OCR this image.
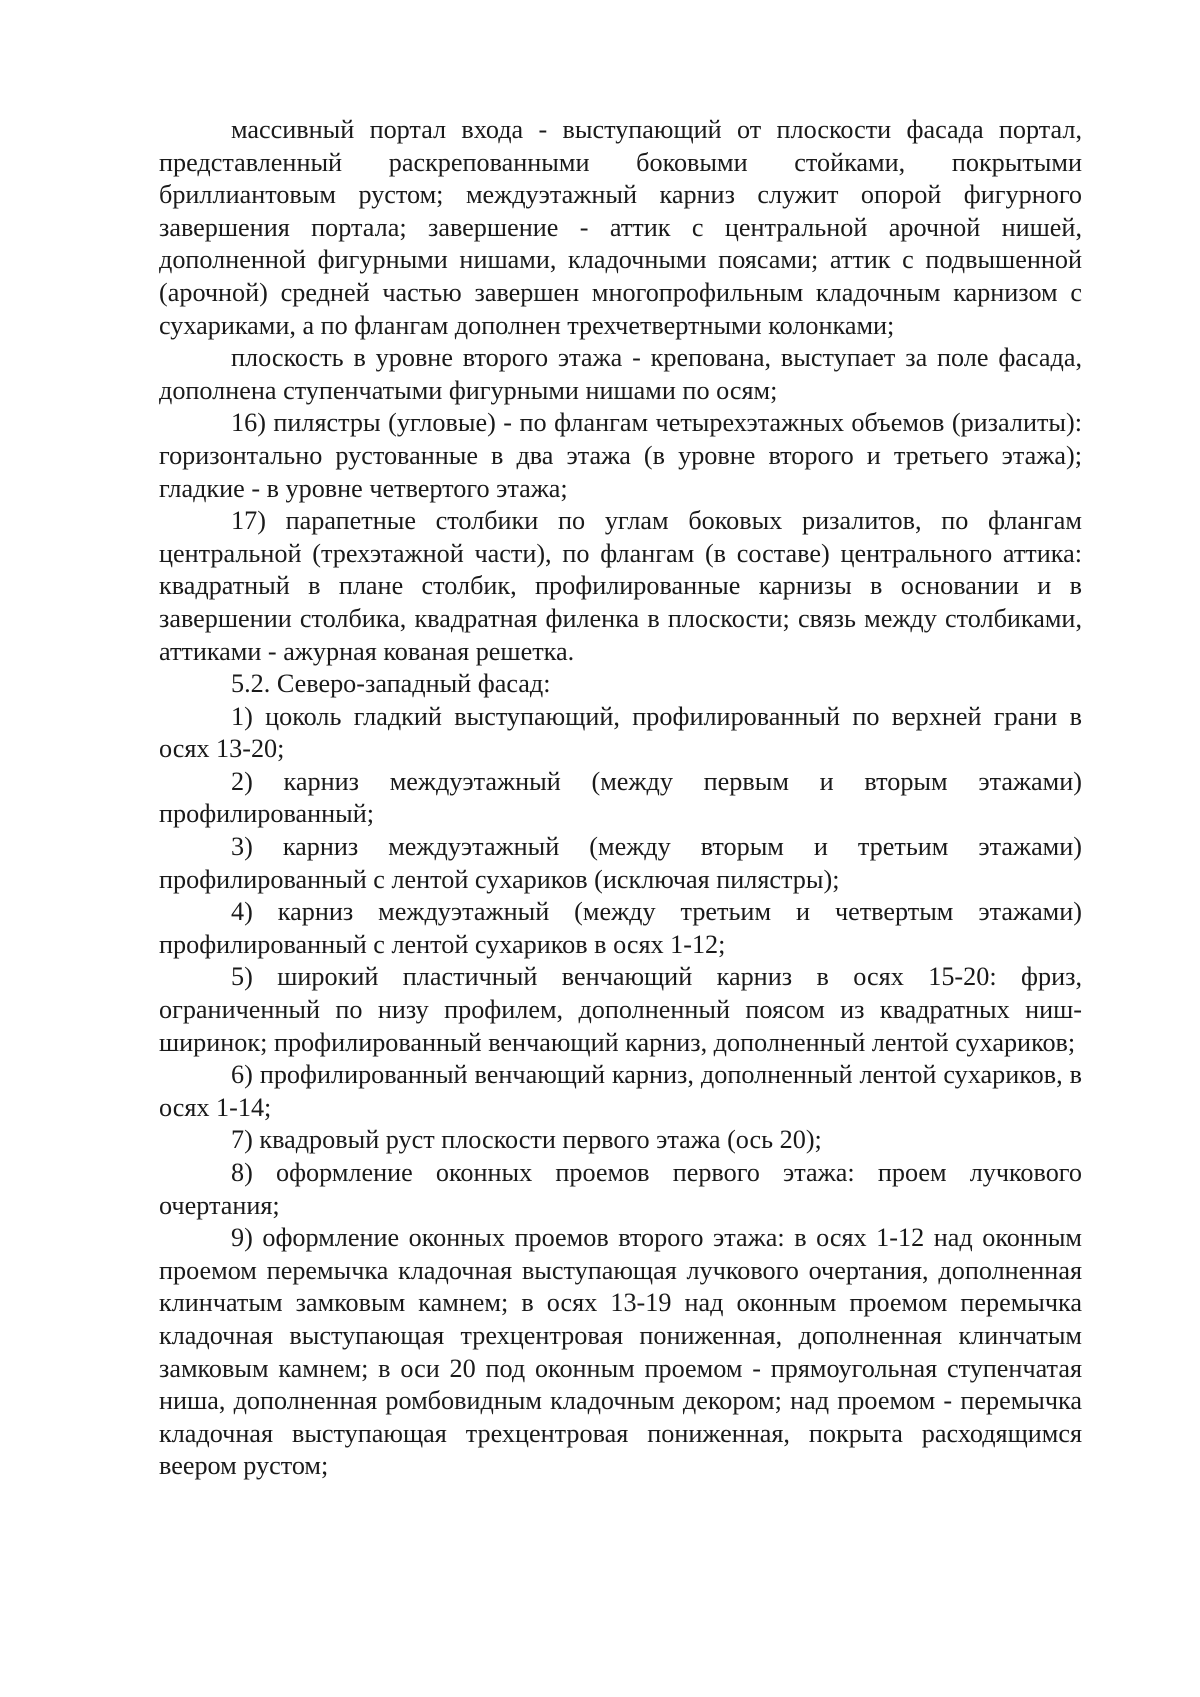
массивный портал входа - выступающий от плоскости фасада портал, представленный раскрепованными боковыми стойками, покрытыми бриллиантовым рустом; междуэтажный карниз служит опорой фигурного завершения портала; завершение - аттик с центральной арочной нишей, дополненной фигурными нишами, кладочными поясами; аттик с подвышенной (арочной) средней частью завершен многопрофильным кладочным карнизом с сухариками, а по флангам дополнен трехчетвертными колонками;

плоскость в уровне второго этажа - крепована, выступает за поле фасада, дополнена ступенчатыми фигурными нишами по осям;

16) пилястры (угловые) - по флангам четырехэтажных объемов (ризалиты): горизонтально рустованные в два этажа (в уровне второго и третьего этажа); гладкие - в уровне четвертого этажа;

17) парапетные столбики по углам боковых ризалитов, по флангам центральной (трехэтажной части), по флангам (в составе) центрального аттика: квадратный в плане столбик, профилированные карнизы в основании и в завершении столбика, квадратная филенка в плоскости; связь между столбиками, аттиками - ажурная кованая решетка.

5.2. Северо-западный фасад:

1) цоколь гладкий выступающий, профилированный по верхней грани в осях 13-20;

2) карниз междуэтажный (между первым и вторым этажами) профилированный;

3) карниз междуэтажный (между вторым и третьим этажами) профилированный с лентой сухариков (исключая пилястры);

4) карниз междуэтажный (между третьим и четвертым этажами) профилированный с лентой сухариков в осях 1-12;

5) широкий пластичный венчающий карниз в осях 15-20: фриз, ограниченный по низу профилем, дополненный поясом из квадратных ниш-ширинок; профилированный венчающий карниз, дополненный лентой сухариков;

6) профилированный венчающий карниз, дополненный лентой сухариков, в осях 1-14;

7) квадровый руст плоскости первого этажа (ось 20);

8) оформление оконных проемов первого этажа: проем лучкового очертания;

9) оформление оконных проемов второго этажа: в осях 1-12 над оконным проемом перемычка кладочная выступающая лучкового очертания, дополненная клинчатым замковым камнем; в осях 13-19 над оконным проемом перемычка кладочная выступающая трехцентровая пониженная, дополненная клинчатым замковым камнем; в оси 20 под оконным проемом - прямоугольная ступенчатая ниша, дополненная ромбовидным кладочным декором; над проемом - перемычка кладочная выступающая трехцентровая пониженная, покрыта расходящимся веером рустом;
